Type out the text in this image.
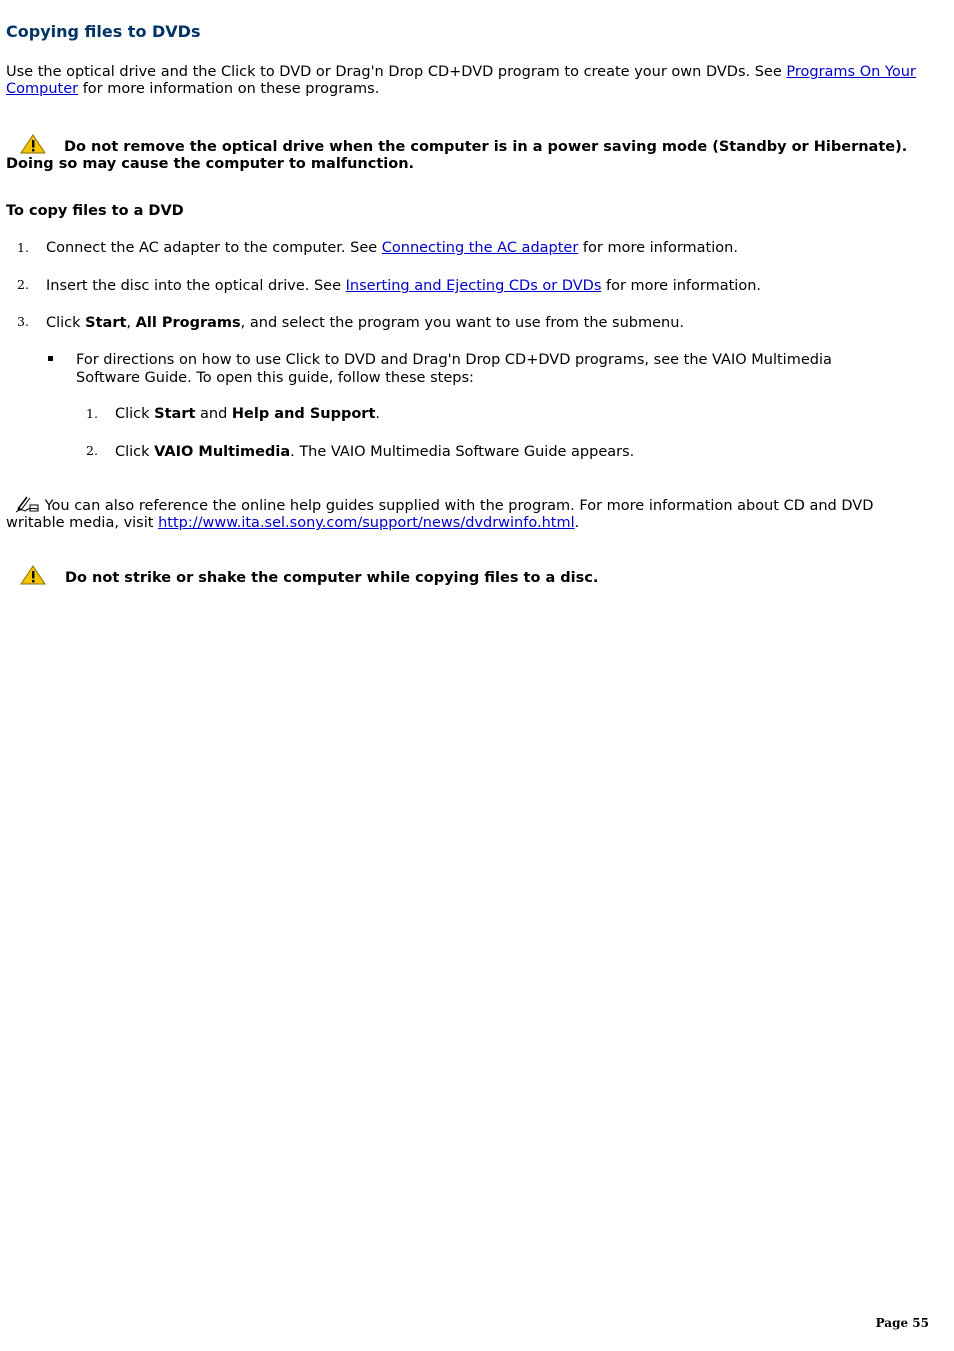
Copying files to DVDs
Use the optical drive and the Click to DVD or Drag'n Drop CD+DVD program to create your own DVDs. See Programs On Your Computer for more information on these programs.
Do not remove the optical drive when the computer is in a power saving mode (Standby or Hibernate). Doing so may cause the computer to malfunction.
To copy files to a DVD
1. Connect the AC adapter to the computer. See Connecting the AC adapter for more information.
2. Insert the disc into the optical drive. See Inserting and Ejecting CDs or DVDs for more information.
3. Click Start, All Programs, and select the program you want to use from the submenu.
For directions on how to use Click to DVD and Drag'n Drop CD+DVD programs, see the VAIO Multimedia Software Guide. To open this guide, follow these steps:
1. Click Start and Help and Support.
2. Click VAIO Multimedia. The VAIO Multimedia Software Guide appears.
You can also reference the online help guides supplied with the program. For more information about CD and DVD writable media, visit http://www.ita.sel.sony.com/support/news/dvdrwinfo.html.
Do not strike or shake the computer while copying files to a disc.
Page 55
